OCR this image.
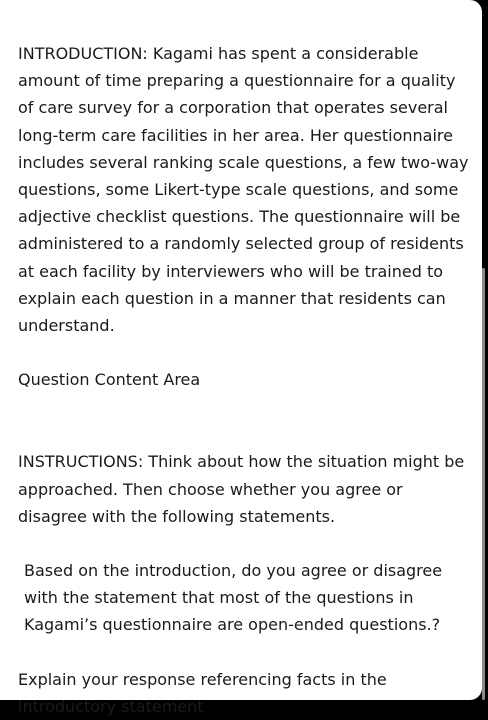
INTRODUCTION: Kagami has spent a considerable amount of time preparing a questionnaire for a quality of care survey for a corporation that operates several long-term care facilities in her area. Her questionnaire includes several ranking scale questions, a few two-way questions, some Likert-type scale questions, and some adjective checklist questions. The questionnaire will be administered to a randomly selected group of residents at each facility by interviewers who will be trained to explain each question in a manner that residents can understand.

Question Content Area

INSTRUCTIONS: Think about how the situation might be approached. Then choose whether you agree or disagree with the following statements.

Based on the introduction, do you agree or disagree with the statement that most of the questions in Kagami’s questionnaire are open-ended questions.?

Explain your response referencing facts in the introductory statement
